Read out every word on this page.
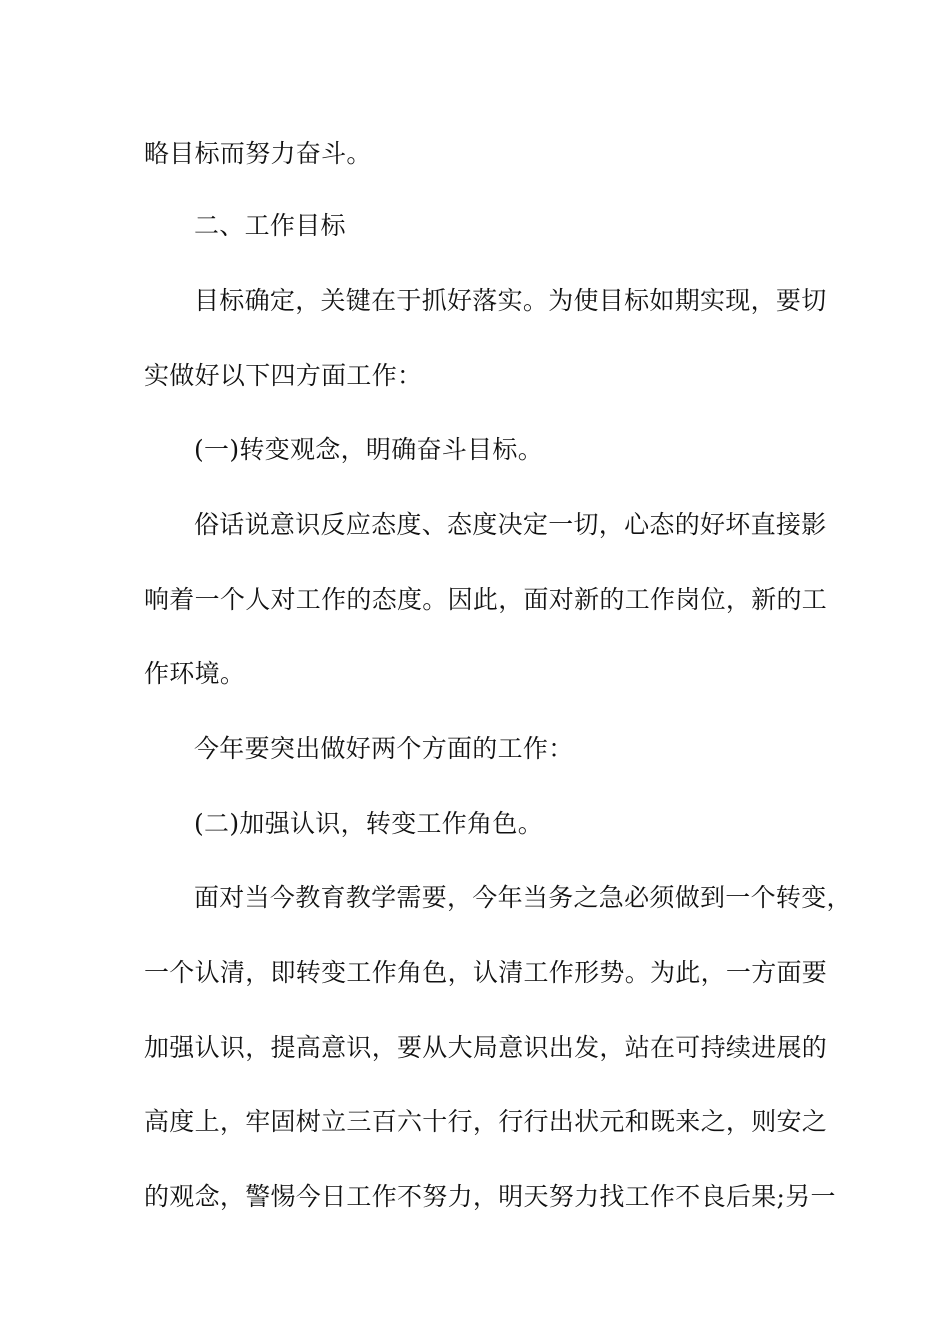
略目标而努力奋斗。
二、工作目标
目标确定，关键在于抓好落实。为使目标如期实现，要切
实做好以下四方面工作：
(一)转变观念，明确奋斗目标。
俗话说意识反应态度、态度决定一切，心态的好坏直接影
响着一个人对工作的态度。因此，面对新的工作岗位，新的工
作环境。
今年要突出做好两个方面的工作：
(二)加强认识，转变工作角色。
面对当今教育教学需要，今年当务之急必须做到一个转变，
一个认清，即转变工作角色，认清工作形势。为此，一方面要
加强认识，提高意识，要从大局意识出发，站在可持续进展的
高度上，牢固树立三百六十行，行行出状元和既来之，则安之
的观念，警惕今日工作不努力，明天努力找工作不良后果;另一
